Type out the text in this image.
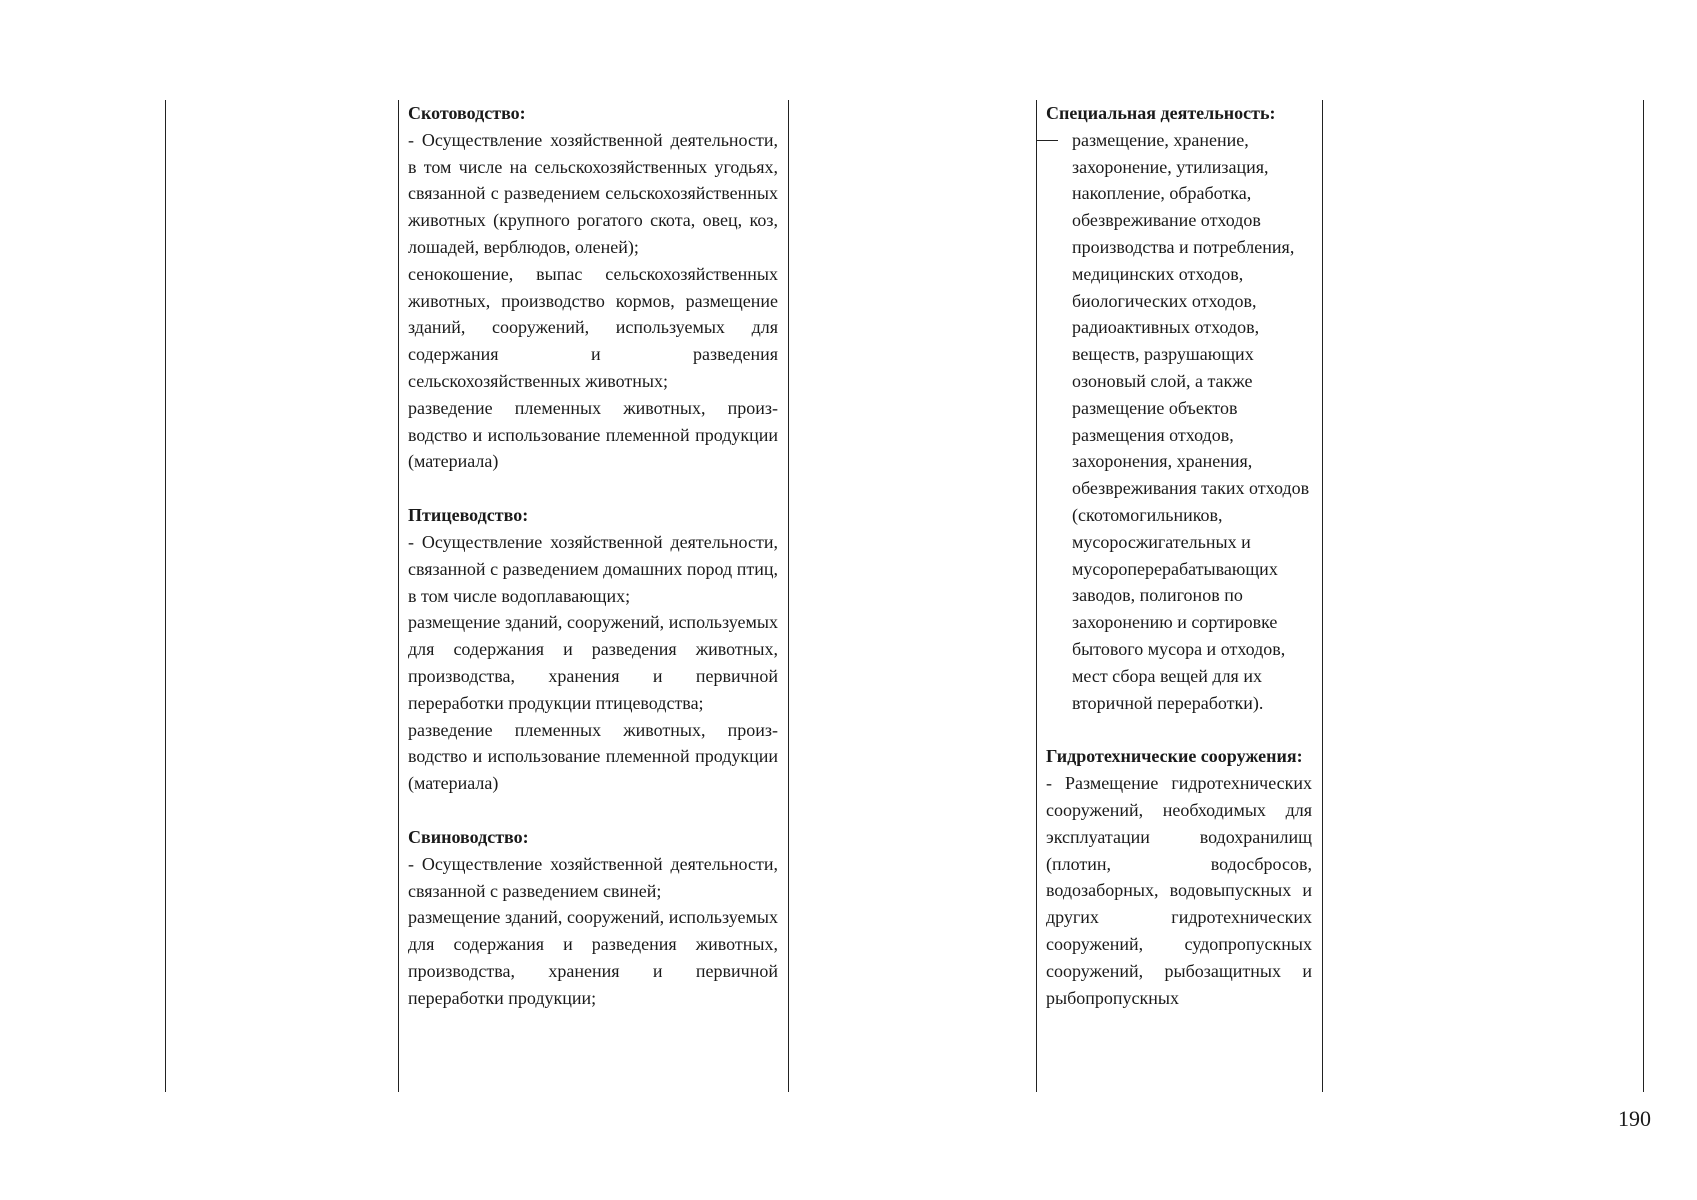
Скотоводство:

- Осуществление хозяйственной деятельности, в том числе на сельскохозяйственных угодьях, связанной с разведением сельскохозяйственных животных (крупного рогатого скота, овец, коз, лошадей, верблюдов, оленей);

сенокошение, выпас сельскохозяйственных животных, производство кормов, размещение зданий, сооружений, используемых для содержания и разведения сельскохозяйственных животных;

разведение племенных животных, производство и использование племенной продукции (материала)

Птицеводство:

- Осуществление хозяйственной деятельности, связанной с разведением домашних пород птиц, в том числе водоплавающих;

размещение зданий, сооружений, используемых для содержания и разведения животных, производства, хранения и первичной переработки продукции птицеводства;

разведение племенных животных, производство и использование племенной продукции (материала)

Свиноводство:

- Осуществление хозяйственной деятельности, связанной с разведением свиней;

размещение зданий, сооружений, используемых для содержания и разведения животных, производства, хранения и первичной переработки продукции;

Специальная деятельность:

размещение, хранение, захоронение, утилизация, накопление, обработка, обезвреживание отходов производства и потребления, медицинских отходов, биологических отходов, радиоактивных отходов, веществ, разрушающих озоновый слой, а также размещение объектов размещения отходов, захоронения, хранения, обезвреживания таких отходов (скотомогильников, мусоросжигательных и мусороперерабатывающих заводов, полигонов по захоронению и сортировке бытового мусора и отходов, мест сбора вещей для их вторичной переработки).

Гидротехнические сооружения:

- Размещение гидротехнических сооружений, необходимых для эксплуатации водохранилищ (плотин, водосбросов, водозаборных, водовыпускных и других гидротехнических сооружений, судопропускных сооружений, рыбозащитных и рыбопропускных

190
